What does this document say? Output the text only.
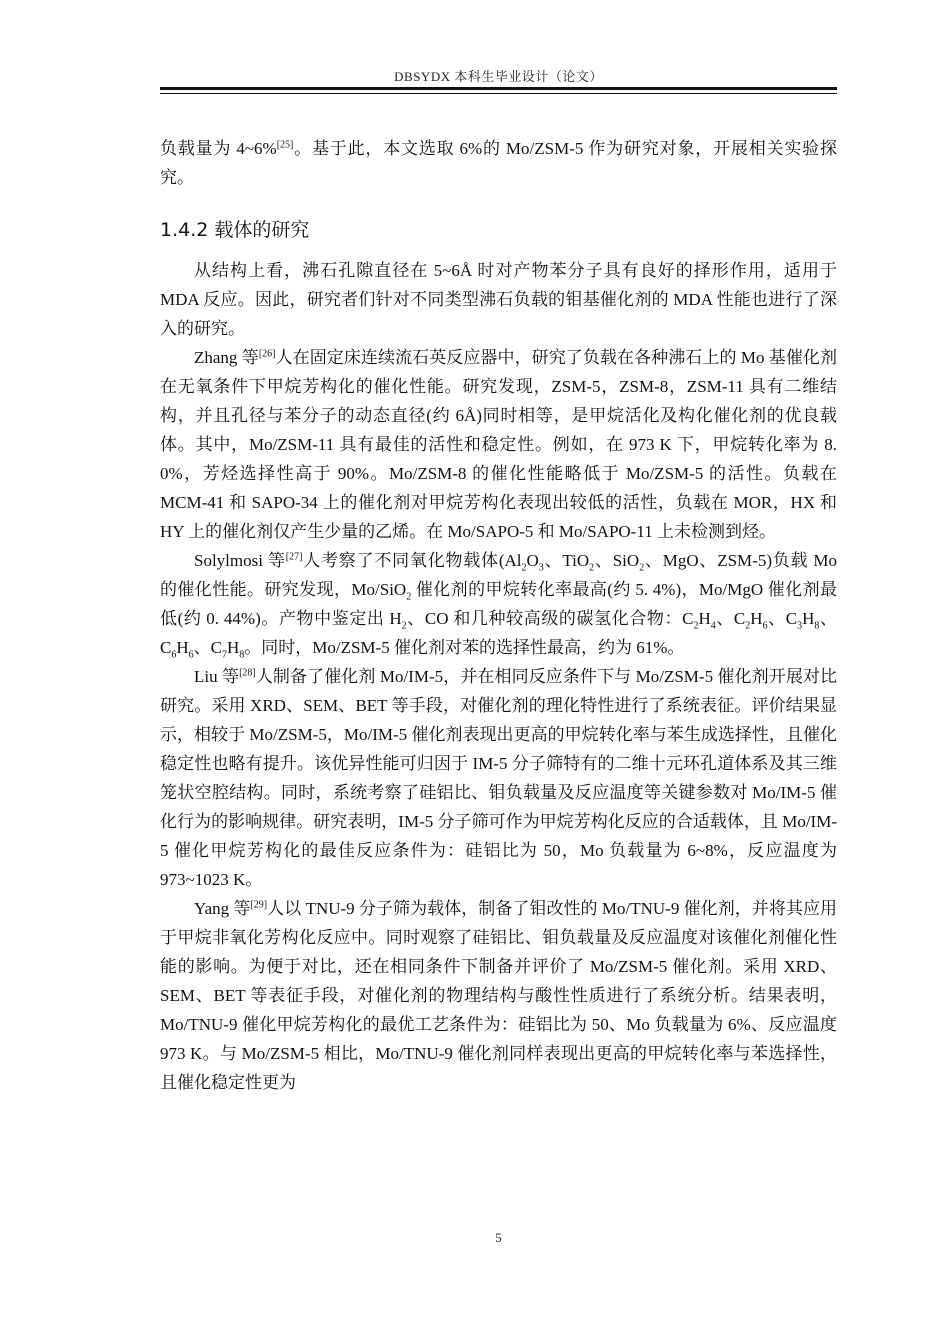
DBSYDX 本科生毕业设计（论文）

负载量为 4~6%[25]。基于此，本文选取 6%的 Mo/ZSM-5 作为研究对象，开展相关实验探究。

1.4.2 载体的研究

从结构上看，沸石孔隙直径在 5~6Å 时对产物苯分子具有良好的择形作用，适用于 MDA 反应。因此，研究者们针对不同类型沸石负载的钼基催化剂的 MDA 性能也进行了深入的研究。

Zhang 等[26]人在固定床连续流石英反应器中，研究了负载在各种沸石上的 Mo 基催化剂在无氧条件下甲烷芳构化的催化性能。研究发现，ZSM-5，ZSM-8，ZSM-11 具有二维结构，并且孔径与苯分子的动态直径(约 6Å)同时相等，是甲烷活化及构化催化剂的优良载体。其中，Mo/ZSM-11 具有最佳的活性和稳定性。例如，在 973 K 下，甲烷转化率为 8. 0%，芳烃选择性高于 90%。Mo/ZSM-8 的催化性能略低于 Mo/ZSM-5 的活性。负载在 MCM-41 和 SAPO-34 上的催化剂对甲烷芳构化表现出较低的活性，负载在 MOR，HX 和 HY 上的催化剂仅产生少量的乙烯。在 Mo/SAPO-5 和 Mo/SAPO-11 上未检测到烃。

Solylmosi 等[27]人考察了不同氧化物载体($Al_2O_3$、TiO$_2$、SiO$_2$、MgO、ZSM-5)负载 Mo 的催化性能。研究发现，Mo/SiO$_2$ 催化剂的甲烷转化率最高(约 5. 4%)，Mo/MgO 催化剂最低(约 0. 44%)。产物中鉴定出 $H_2$、CO 和几种较高级的碳氢化合物：$C_2H_4$、$C_2H_6$、$C_3H_8$、$C_6H_6$、$C_7H_8$。同时，Mo/ZSM-5 催化剂对苯的选择性最高，约为 61%。

Liu 等[28]人制备了催化剂 Mo/IM-5，并在相同反应条件下与 Mo/ZSM-5 催化剂开展对比研究。采用 XRD、SEM、BET 等手段，对催化剂的理化特性进行了系统表征。评价结果显示，相较于 Mo/ZSM-5，Mo/IM-5 催化剂表现出更高的甲烷转化率与苯生成选择性，且催化稳定性也略有提升。该优异性能可归因于 IM-5 分子筛特有的二维十元环孔道体系及其三维笼状空腔结构。同时，系统考察了硅铝比、钼负载量及反应温度等关键参数对 Mo/IM-5 催化行为的影响规律。研究表明，IM-5 分子筛可作为甲烷芳构化反应的合适载体，且 Mo/IM-5 催化甲烷芳构化的最佳反应条件为：硅铝比为 50，Mo 负载量为 6~8%，反应温度为 973~1023 K。

Yang 等[29]人以 TNU-9 分子筛为载体，制备了钼改性的 Mo/TNU-9 催化剂，并将其应用于甲烷非氧化芳构化反应中。同时观察了硅铝比、钼负载量及反应温度对该催化剂催化性能的影响。为便于对比，还在相同条件下制备并评价了 Mo/ZSM-5 催化剂。采用 XRD、SEM、BET 等表征手段，对催化剂的物理结构与酸性性质进行了系统分析。结果表明，Mo/TNU-9 催化甲烷芳构化的最优工艺条件为：硅铝比为 50、Mo 负载量为 6%、反应温度 973 K。与 Mo/ZSM-5 相比，Mo/TNU-9 催化剂同样表现出更高的甲烷转化率与苯选择性，且催化稳定性更为

5
